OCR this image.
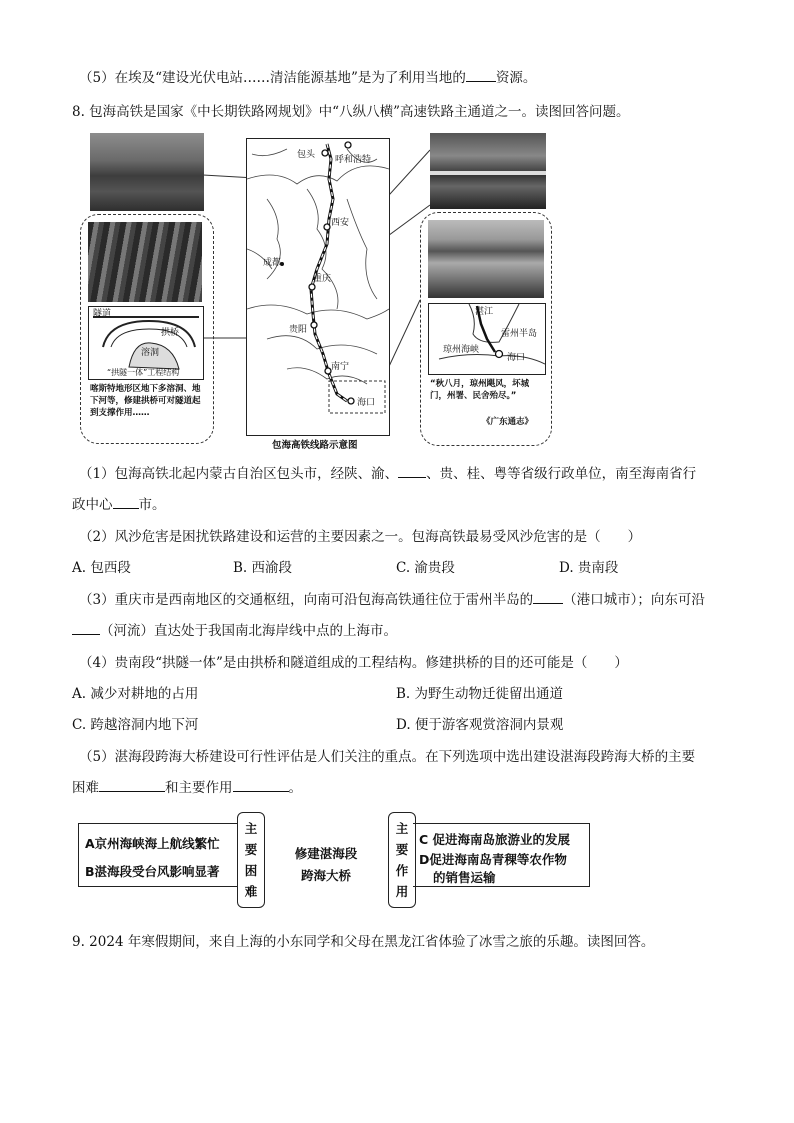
（5）在埃及“建设光伏电站……清洁能源基地”是为了利用当地的 资源。
8. 包海高铁是国家《中长期铁路网规划》中“八纵八横”高速铁路主通道之一。读图回答问题。
隧道
拱桥
溶洞
“拱隧一体”工程结构
喀斯特地形区地下多溶洞、地下河等，修建拱桥可对隧道起到支撑作用……
包头 呼和浩特
西安
成都
重庆
贵阳
南宁
海口
包海高铁线路示意图
湛江
雷州半岛
琼州海峡
海口
“秋八月，琼州飓风，坏城门，州署、民舍殆尽。”
《广东通志》
（1）包海高铁北起内蒙古自治区包头市，经陕、渝、 、贵、桂、粤等省级行政单位，南至海南省行
政中心 市。
（2）风沙危害是困扰铁路建设和运营的主要因素之一。包海高铁最易受风沙危害的是（　　）
A. 包西段	B. 西渝段	C. 渝贵段	D. 贵南段
（3）重庆市是西南地区的交通枢纽，向南可沿包海高铁通往位于雷州半岛的 （港口城市）；向东可沿
（河流）直达处于我国南北海岸线中点的上海市。
（4）贵南段“拱隧一体”是由拱桥和隧道组成的工程结构。修建拱桥的目的还可能是（　　）
A. 减少对耕地的占用	B. 为野生动物迁徙留出通道
C. 跨越溶洞内地下河	D. 便于游客观赏溶洞内景观
（5）湛海段跨海大桥建设可行性评估是人们关注的重点。在下列选项中选出建设湛海段跨海大桥的主要
困难	和主要作用	。
A京州海峡海上航线繁忙
B湛海段受台风影响显著
主
要
困
难
修建湛海段
跨海大桥
主
要
作
用
C 促进海南岛旅游业的发展
D促进海南岛青稞等农作物
的销售运输
9. 2024 年寒假期间，来自上海的小东同学和父母在黑龙江省体验了冰雪之旅的乐趣。读图回答。
